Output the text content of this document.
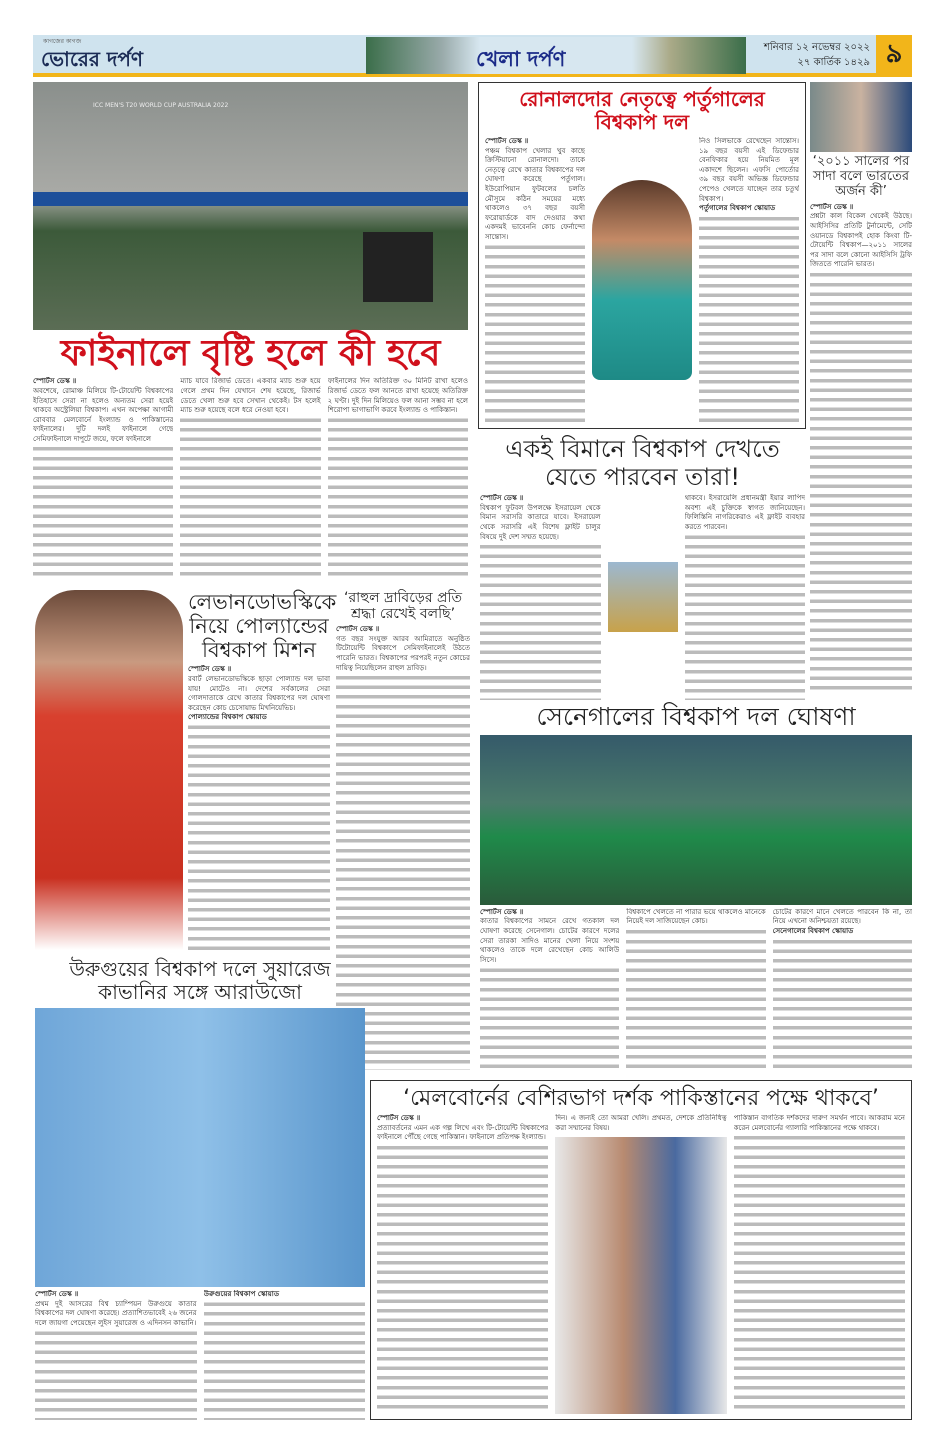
কাগজের কাগজ
ভোরের দর্পণ	খেলা দর্পণ	শনিবার ১২ নভেম্বর ২০২২
২৭ কার্তিক ১৪২৯ ৯
ICC MEN'S T20 WORLD CUP AUSTRALIA 2022
ফাইনালে বৃষ্টি হলে কী হবে

স্পোর্টস ডেস্ক ॥
অবশেষে, রোমাঞ্চ মিলিয়ে টি-টোয়েন্টি বিশ্বকাপের ইতিহাসে সেরা না হলেও অন্যতম সেরা হয়েই থাকবে অস্ট্রেলিয়া বিশ্বকাপ। এখন অপেক্ষা আগামী রোববার মেলবোর্নে ইংল্যান্ড ও পাকিস্তানের ফাইনালের। দুটি দলই ফাইনালে গেছে সেমিফাইনালে দাপুটে জয়ে, ফলে ফাইনালে

ম্যাচ যাবে রিজার্ভ ডেতে। একবার ম্যাচ শুরু হয়ে গেলে প্রথম দিন যেখানে শেষ হয়েছে, রিজার্ভ ডেতে খেলা শুরু হবে সেখান থেকেই। টস হলেই ম্যাচ শুরু হয়েছে বলে ধরে নেওয়া হবে।

ফাইনালের দিন অতিরিক্ত ৩০ মিনিট রাখা হলেও রিজার্ভ ডেতে ফল আনতে রাখা হয়েছে অতিরিক্ত ২ ঘণ্টা। দুই দিন মিলিয়েও ফল আনা সম্ভব না হলে শিরোপা ভাগাভাগি করবে ইংল্যান্ড ও পাকিস্তান।

রোনালদোর নেতৃত্বে পর্তুগালের বিশ্বকাপ দল

স্পোর্টস ডেস্ক ॥
পঞ্চম বিশ্বকাপ খেলার খুব কাছে ক্রিস্টিয়ানো রোনালদো। তাকে নেতৃত্বে রেখে কাতার বিশ্বকাপের দল ঘোষণা করেছে পর্তুগাল। ইউরোপিয়ান ফুটবলের চলতি মৌসুমে কঠিন সময়ের মধ্যে থাকলেও ৩৭ বছর বয়সী ফরোয়ার্ডকে বাদ দেওয়ার কথা একদমই ভাবেননি কোচ ফের্নান্দো সান্তোস।

নিও সিলভাকে রেখেছেন সান্তোস। ১৯ বছর বয়সী এই ডিফেন্ডার বেনফিকার হয়ে নিয়মিত মূল একাদশে ছিলেন। এফসি পোর্তোর ৩৯ বছর বয়সী অভিজ্ঞ ডিফেন্ডার পেপেও খেলতে যাচ্ছেন তার চতুর্থ বিশ্বকাপ।

পর্তুগালের বিশ্বকাপ স্কোয়াড

‘২০১১ সালের পর সাদা বলে ভারতের অর্জন কী’

স্পোর্টস ডেস্ক ॥
প্রশ্নটা কাল বিকেল থেকেই উঠছে। আইসিসির প্রতিটি টুর্নামেন্টে, সেটি ওয়ানডে বিশ্বকাপই হোক কিংবা টি-টোয়েন্টি বিশ্বকাপ—২০১১ সালের পর সাদা বলে কোনো আইসিসি ট্রফি জিততে পারেনি ভারত।

একই বিমানে বিশ্বকাপ দেখতে
যেতে পারবেন তারা!

স্পোর্টস ডেস্ক ॥
বিশ্বকাপ ফুটবল উপলক্ষে ইসরায়েল থেকে বিমান সরাসরি কাতারে যাবে। ইসরায়েল থেকে সরাসরি এই বিশেষ ফ্লাইট চালুর বিষয়ে দুই দেশ সম্মত হয়েছে।

থাকবে। ইসরায়েলি প্রধানমন্ত্রী ইয়ার লাপিদ অবশ্য এই চুক্তিকে স্বাগত জানিয়েছেন। ফিলিস্তিনি নাগরিকেরাও এই ফ্লাইট ব্যবহার করতে পারবেন।

লেভানডোভস্কিকে নিয়ে পোল্যান্ডের বিশ্বকাপ মিশন

স্পোর্টস ডেস্ক ॥
রবার্ট লেভানডোভস্কিকে ছাড়া পোল্যান্ড দল ভাবা যায়! মোটেও না। দেশের সর্বকালের সেরা গোলদাতাকে রেখে কাতার বিশ্বকাপের দল ঘোষণা করেছেন কোচ চেসোয়াভ মিখনিয়েভিচ।
পোল্যান্ডের বিশ্বকাপ স্কোয়াড

‘রাহুল দ্রাবিড়ের প্রতি শ্রদ্ধা রেখেই বলছি’

স্পোর্টস ডেস্ক ॥
গত বছর সংযুক্ত আরব আমিরাতে অনুষ্ঠিত টিটোয়েন্টি বিশ্বকাপে সেমিফাইনালেই উঠতে পারেনি ভারত। বিশ্বকাপের পরপরই নতুন কোচের দায়িত্ব নিয়েছিলেন রাহুল দ্রাবিড়।

সেনেগালের বিশ্বকাপ দল ঘোষণা

স্পোর্টস ডেস্ক ॥
কাতার বিশ্বকাপের সামনে রেখে গতকাল দল ঘোষণা করেছে সেনেগাল। চোটের কারণে দলের সেরা তারকা সাদিও মানের খেলা নিয়ে সংশয় থাকলেও তাকে দলে রেখেছেন কোচ আলিউ সিসে।

বিশ্বকাপে খেলতে না পারার ভয়ে থাকলেও মানেকে নিয়েই দল সাজিয়েছেন কোচ।

চোটের কারণে মানে খেলতে পারবেন কি না, তা নিয়ে এখনো অনিশ্চয়তা রয়েছে।

সেনেগালের বিশ্বকাপ স্কোয়াড

উরুগুয়ের বিশ্বকাপ দলে সুয়ারেজ কাভানির সঙ্গে আরাউজো

স্পোর্টস ডেস্ক ॥
প্রথম দুই আসরের বিশ্ব চ্যাম্পিয়ন উরুগুয়ে কাতার বিশ্বকাপের দল ঘোষণা করেছে। প্রত্যাশিতভাবেই ২৬ জনের দলে জায়গা পেয়েছেন লুইস সুয়ারেজ ও এদিনসন কাভানি।

উরুগুয়ের বিশ্বকাপ স্কোয়াড

‘মেলবোর্নের বেশিরভাগ দর্শক পাকিস্তানের পক্ষে থাকবে’

স্পোর্টস ডেস্ক ॥
প্রত্যাবর্তনের এমন এক গল্প লিখে এবং টি-টোয়েন্টি বিশ্বকাপের ফাইনালে পৌঁছে গেছে পাকিস্তান। ফাইনালে প্রতিপক্ষ ইংল্যান্ড।

দিন। এ জন্যই তো আমরা খেলি। প্রথমত, দেশকে প্রতিনিধিত্ব করা সম্মানের বিষয়।

পাকিস্তান বাগতিক দর্শকদের দারুণ সমর্থন পাবে। আকরাম মনে করেন মেলবোর্নের গ্যালারি পাকিস্তানের পক্ষে থাকবে।
